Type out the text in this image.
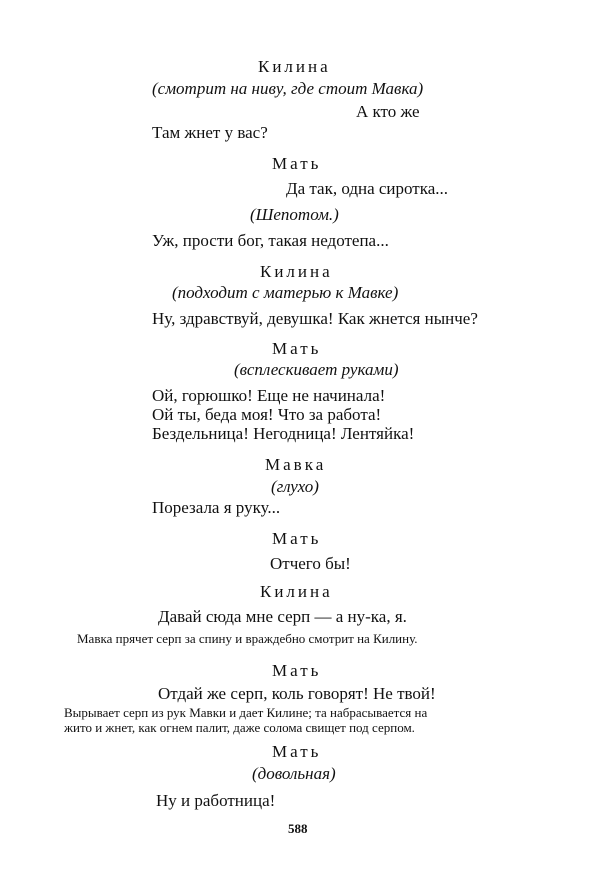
Килина
(смотрит на ниву, где стоит Мавка)
А кто же
Там жнет у вас?
Мать
Да так, одна сиротка...
(Шепотом.)
Уж, прости бог, такая недотепа...
Килина
(подходит с матерью к Мавке)
Ну, здравствуй, девушка! Как жнется нынче?
Мать
(всплескивает руками)
Ой, горюшко! Еще не начинала!
Ой ты, беда моя! Что за работа!
Бездельница! Негодница! Лентяйка!
Мавка
(глухо)
Порезала я руку...
Мать
Отчего бы!
Килина
Давай сюда мне серп — а ну-ка, я.
Мавка прячет серп за спину и враждебно смотрит на Килину.
Мать
Отдай же серп, коль говорят! Не твой!
Вырывает серп из рук Мавки и дает Килине; та набрасывается на
жито и жнет, как огнем палит, даже солома свищет под серпом.
Мать
(довольная)
Ну и работница!
588
